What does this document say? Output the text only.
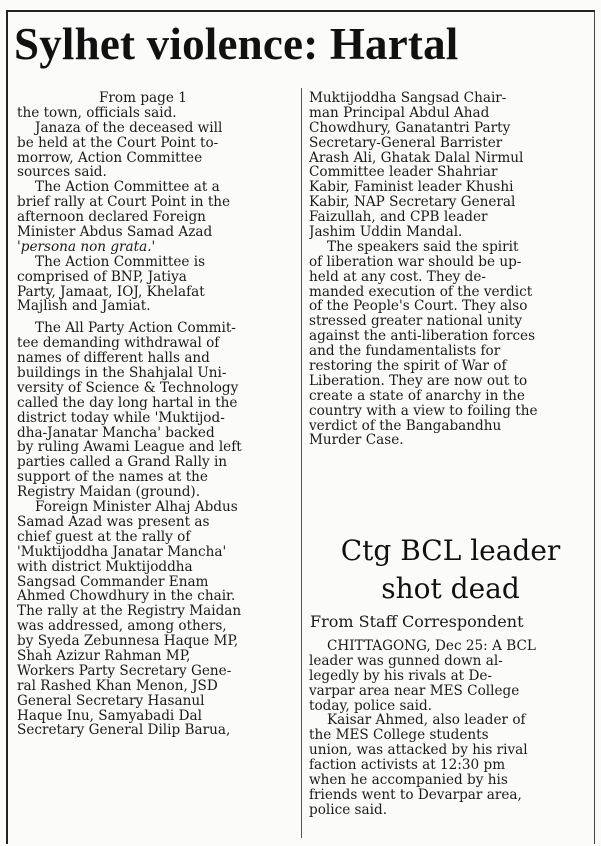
Sylhet violence: Hartal
From page 1
the town, officials said.
Janaza of the deceased will
be held at the Court Point to-
morrow, Action Committee
sources said.
The Action Committee at a
brief rally at Court Point in the
afternoon declared Foreign
Minister Abdus Samad Azad
'persona non grata.'
The Action Committee is
comprised of BNP, Jatiya
Party, Jamaat, IOJ, Khelafat
Majlish and Jamiat.
The All Party Action Commit-
tee demanding withdrawal of
names of different halls and
buildings in the Shahjalal Uni-
versity of Science & Technology
called the day long hartal in the
district today while 'Muktijod-
dha-Janatar Mancha' backed
by ruling Awami League and left
parties called a Grand Rally in
support of the names at the
Registry Maidan (ground).
Foreign Minister Alhaj Abdus
Samad Azad was present as
chief guest at the rally of
'Muktijoddha Janatar Mancha'
with district Muktijoddha
Sangsad Commander Enam
Ahmed Chowdhury in the chair.
The rally at the Registry Maidan
was addressed, among others,
by Syeda Zebunnesa Haque MP,
Shah Azizur Rahman MP,
Workers Party Secretary Gene-
ral Rashed Khan Menon, JSD
General Secretary Hasanul
Haque Inu, Samyabadi Dal
Secretary General Dilip Barua,
Muktijoddha Sangsad Chair-
man Principal Abdul Ahad
Chowdhury, Ganatantri Party
Secretary-General Barrister
Arash Ali, Ghatak Dalal Nirmul
Committee leader Shahriar
Kabir, Faminist leader Khushi
Kabir, NAP Secretary General
Faizullah, and CPB leader
Jashim Uddin Mandal.
The speakers said the spirit
of liberation war should be up-
held at any cost. They de-
manded execution of the verdict
of the People's Court. They also
stressed greater national unity
against the anti-liberation forces
and the fundamentalists for
restoring the spirit of War of
Liberation. They are now out to
create a state of anarchy in the
country with a view to foiling the
verdict of the Bangabandhu
Murder Case.
Ctg BCL leader
shot dead
From Staff Correspondent
CHITTAGONG, Dec 25: A BCL
leader was gunned down al-
legedly by his rivals at De-
varpar area near MES College
today, police said.
Kaisar Ahmed, also leader of
the MES College students
union, was attacked by his rival
faction activists at 12:30 pm
when he accompanied by his
friends went to Devarpar area,
police said.
